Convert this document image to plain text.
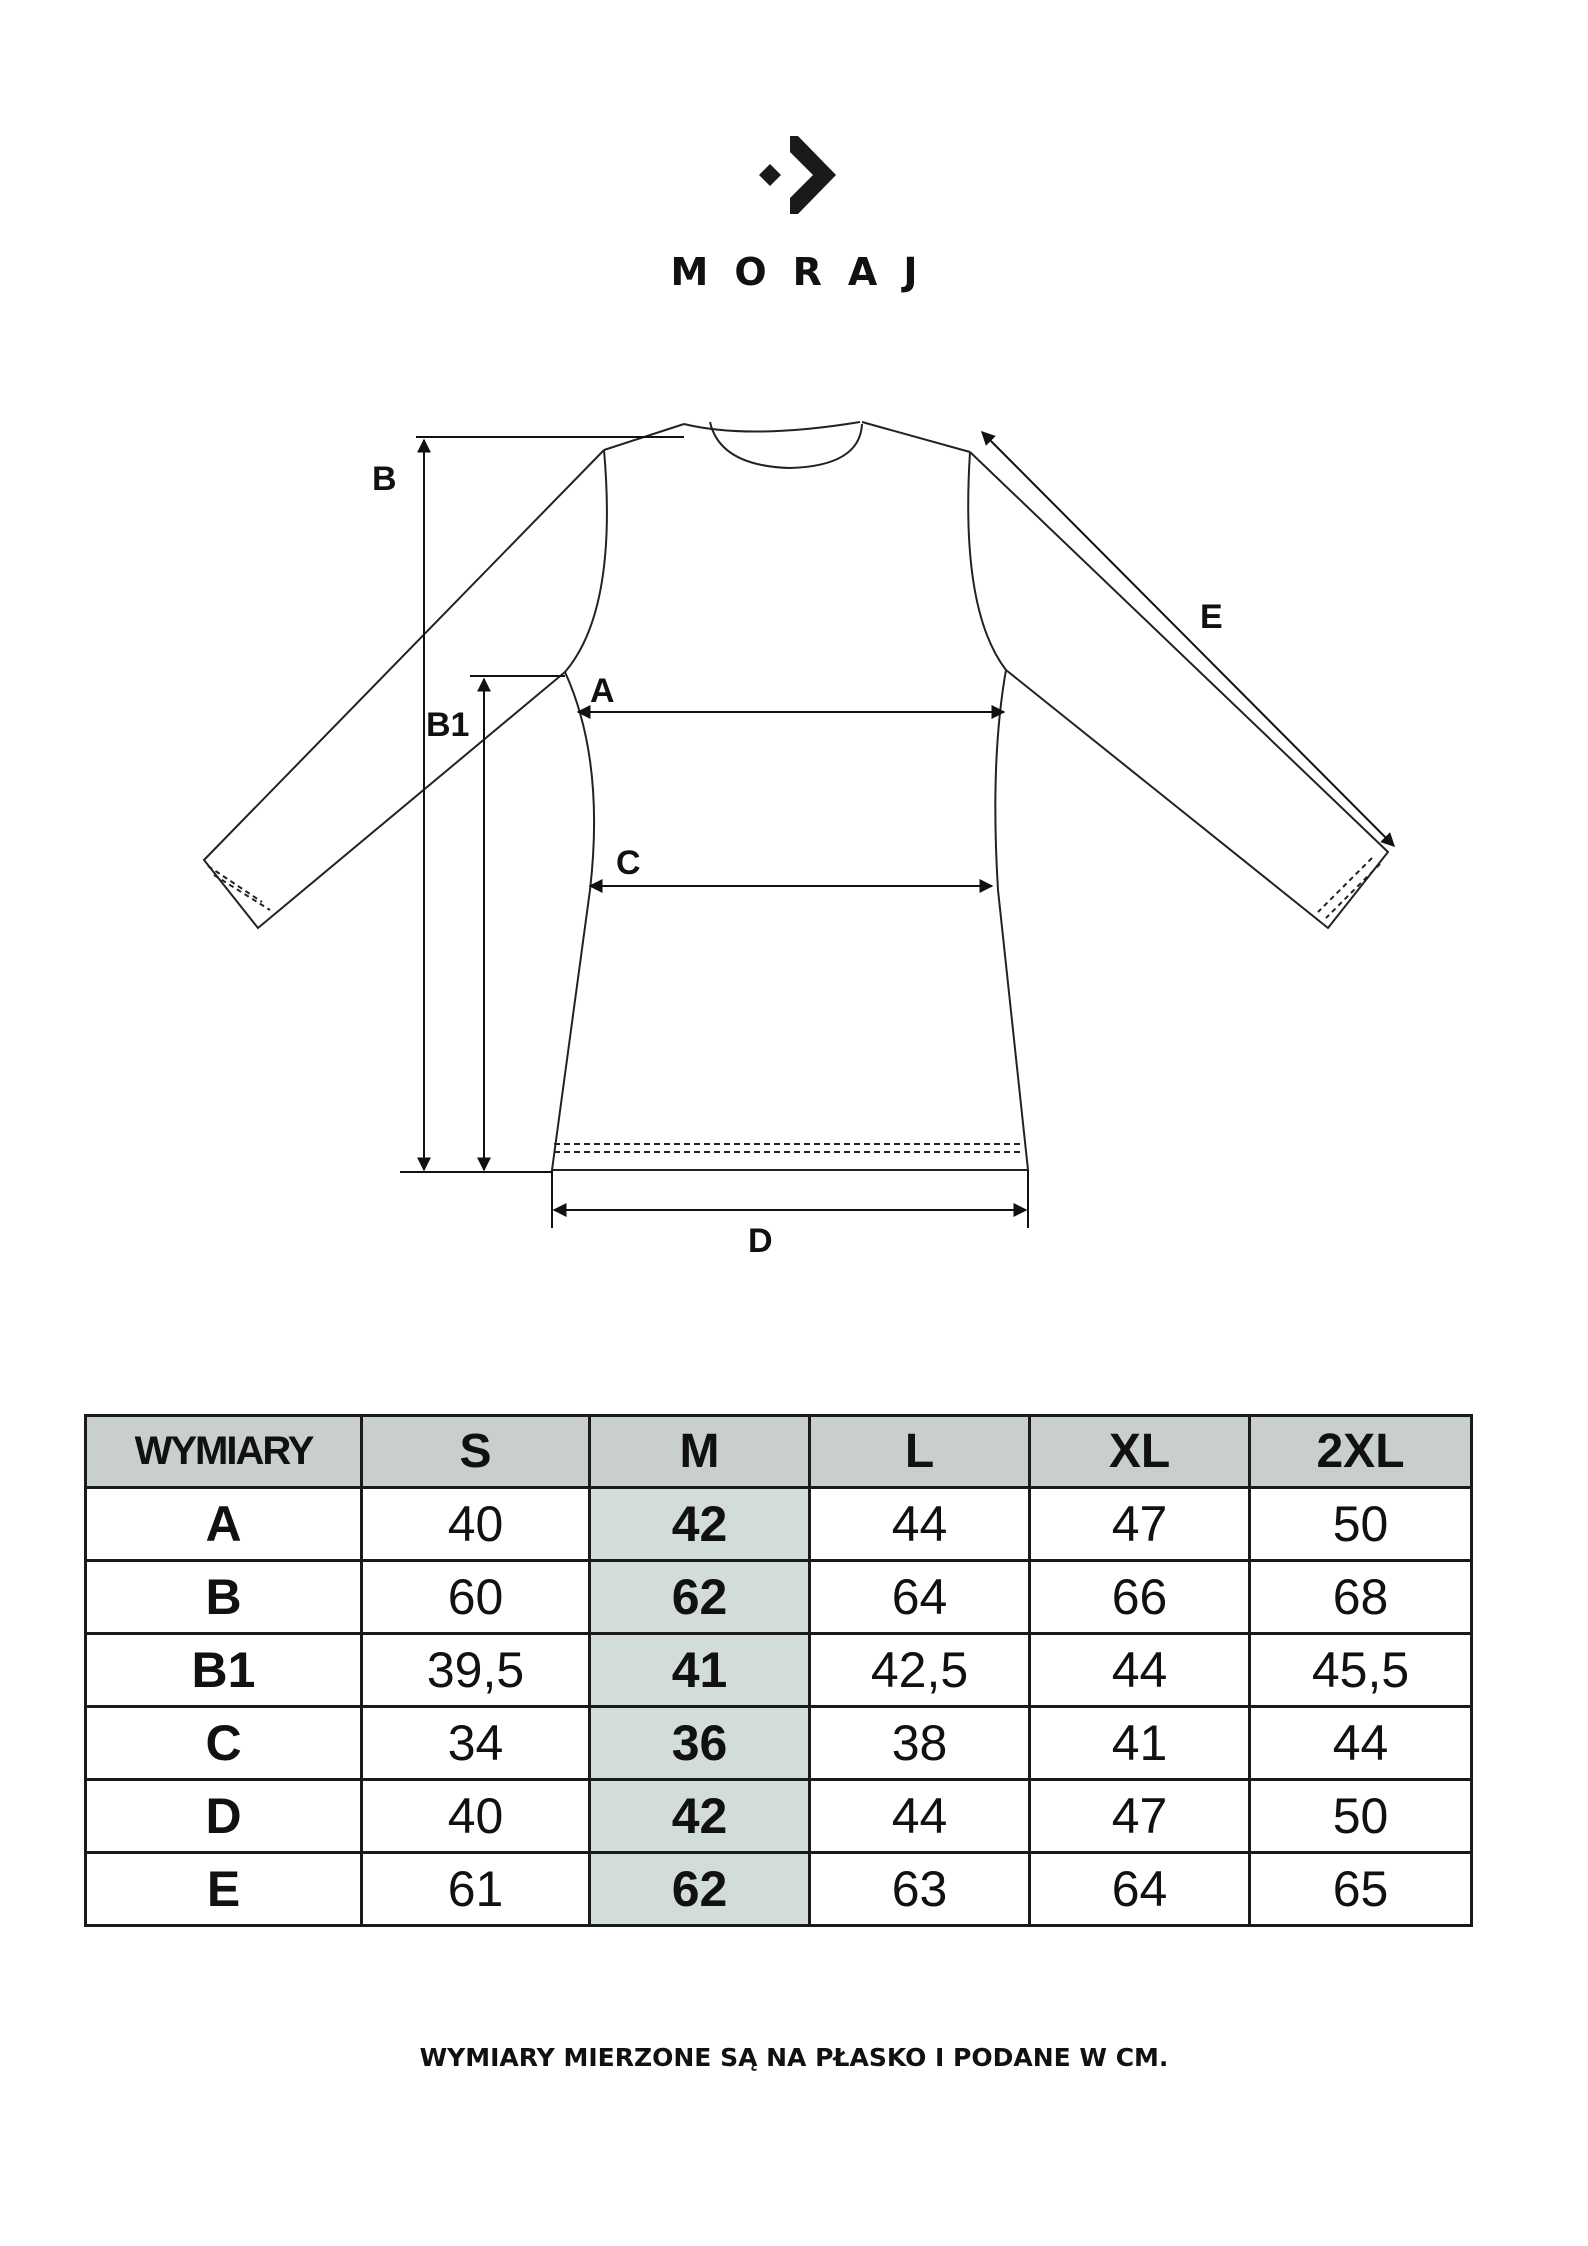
MORAJ
B
B1
A
C
D
E
WYMIARY	S	M	L	XL	2XL
A	40	42	44	47	50
B	60	62	64	66	68
B1	39,5	41	42,5	44	45,5
C	34	36	38	41	44
D	40	42	44	47	50
E	61	62	63	64	65
WYMIARY MIERZONE SĄ NA PŁASKO I PODANE W CM.
